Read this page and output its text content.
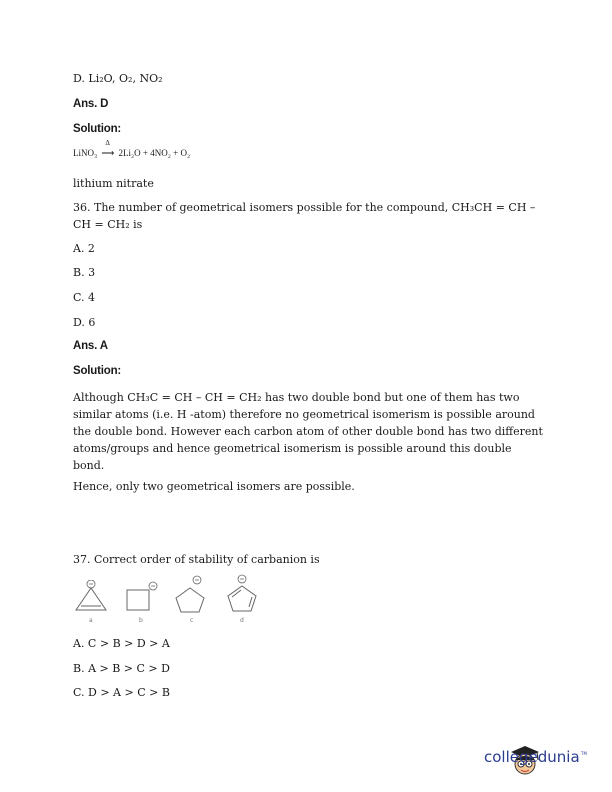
D. Li₂O, O₂, NO₂
Ans. D
Solution:
LiNO₃
Δ
⟶ 2Li₂O + 4NO₂ + O₂
lithium nitrate
36. The number of geometrical isomers possible for the compound, CH₃CH = CH –
CH = CH₂ is
A. 2
B. 3
C. 4
D. 6
Ans. A
Solution:
Although CH₃C = CH – CH = CH₂ has two double bond but one of them has two similar atoms (i.e. H -atom) therefore no geometrical isomerism is possible around the double bond. However each carbon atom of other double bond has two different atoms/groups and hence geometrical isomerism is possible around this double bond.
Hence, only two geometrical isomers are possible.
37. Correct order of stability of carbanion is
a	b	c	d
A. C > B > D > A
B. A > B > C > D
C. D > A > C > B
collegedunia TM
